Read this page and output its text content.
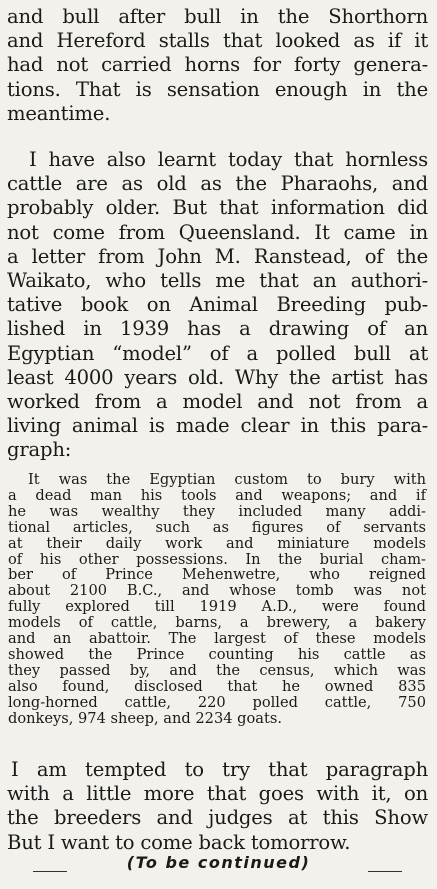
and bull after bull in the Shorthorn
and Hereford stalls that looked as if it
had not carried horns for forty genera-
tions. That is sensation enough in the
meantime.
I have also learnt today that hornless
cattle are as old as the Pharaohs, and
probably older. But that information did
not come from Queensland. It came in
a letter from John M. Ranstead, of the
Waikato, who tells me that an authori-
tative book on Animal Breeding pub-
lished in 1939 has a drawing of an
Egyptian “model” of a polled bull at
least 4000 years old. Why the artist has
worked from a model and not from a
living animal is made clear in this para-
graph:
It was the Egyptian custom to bury with
a dead man his tools and weapons; and if
he was wealthy they included many addi-
tional articles, such as figures of servants
at their daily work and miniature models
of his other possessions. In the burial cham-
ber of Prince Mehenwetre, who reigned
about 2100 B.C., and whose tomb was not
fully explored till 1919 A.D., were found
models of cattle, barns, a brewery, a bakery
and an abattoir. The largest of these models
showed the Prince counting his cattle as
they passed by, and the census, which was
also found, disclosed that he owned 835
long-horned cattle, 220 polled cattle, 750
donkeys, 974 sheep, and 2234 goats.
I am tempted to try that paragraph
with a little more that goes with it, on
the breeders and judges at this Show
But I want to come back tomorrow.
(To be continued)
